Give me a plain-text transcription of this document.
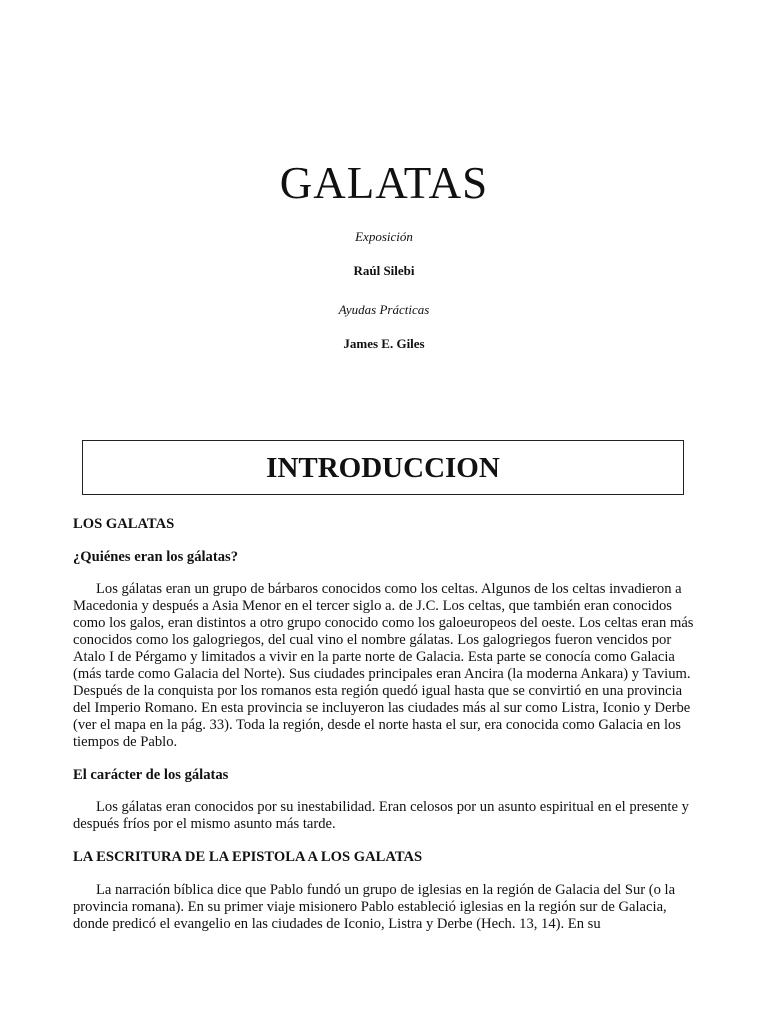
GALATAS
Exposición
Raúl Silebi
Ayudas Prácticas
James E. Giles
INTRODUCCION
LOS GALATAS
¿Quiénes eran los gálatas?

Los gálatas eran un grupo de bárbaros conocidos como los celtas. Algunos de los celtas invadieron a Macedonia y después a Asia Menor en el tercer siglo a. de J.C. Los celtas, que también eran conocidos como los galos, eran distintos a otro grupo conocido como los galoeuropeos del oeste. Los celtas eran más conocidos como los galogriegos, del cual vino el nombre gálatas. Los galogriegos fueron vencidos por Atalo I de Pérgamo y limitados a vivir en la parte norte de Galacia. Esta parte se conocía como Galacia (más tarde como Galacia del Norte). Sus ciudades principales eran Ancira (la moderna Ankara) y Tavium. Después de la conquista por los romanos esta región quedó igual hasta que se convirtió en una provincia del Imperio Romano. En esta provincia se incluyeron las ciudades más al sur como Listra, Iconio y Derbe (ver el mapa en la pág. 33). Toda la región, desde el norte hasta el sur, era conocida como Galacia en los tiempos de Pablo.

El carácter de los gálatas

Los gálatas eran conocidos por su inestabilidad. Eran celosos por un asunto espiritual en el presente y después fríos por el mismo asunto más tarde.

LA ESCRITURA DE LA EPISTOLA A LOS GALATAS

La narración bíblica dice que Pablo fundó un grupo de iglesias en la región de Galacia del Sur (o la provincia romana). En su primer viaje misionero Pablo estableció iglesias en la región sur de Galacia, donde predicó el evangelio en las ciudades de Iconio, Listra y Derbe (Hech. 13, 14). En su
